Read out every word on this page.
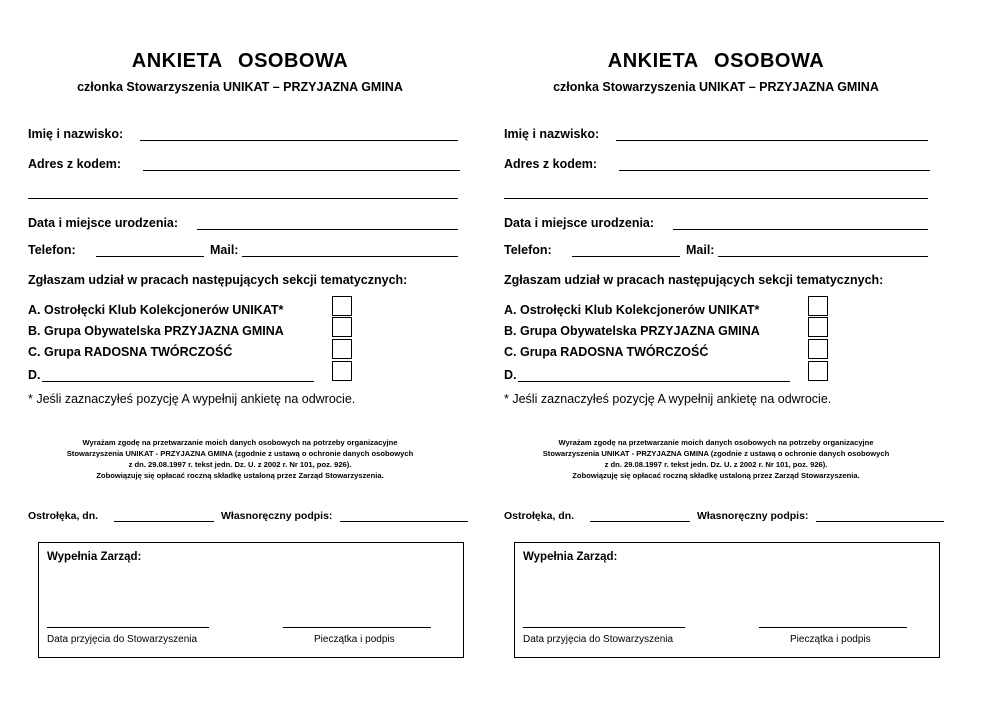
ANKIETA OSOBOWA
członka Stowarzyszenia UNIKAT – PRZYJAZNA GMINA
Imię i nazwisko:
Adres z kodem:
Data i miejsce urodzenia:
Telefon:	Mail:
Zgłaszam udział w pracach następujących sekcji tematycznych:
A. Ostrołęcki Klub Kolekcjonerów UNIKAT*
B. Grupa Obywatelska PRZYJAZNA GMINA
C. Grupa RADOSNA TWÓRCZOŚĆ
D.
* Jeśli zaznaczyłeś pozycję A wypełnij ankietę na odwrocie.
Wyrażam zgodę na przetwarzanie moich danych osobowych na potrzeby organizacyjne
Stowarzyszenia UNIKAT - PRZYJAZNA GMINA (zgodnie z ustawą o ochronie danych osobowych
z dn. 29.08.1997 r. tekst jedn. Dz. U. z 2002 r. Nr 101, poz. 926).
Zobowiązuję się opłacać roczną składkę ustaloną przez Zarząd Stowarzyszenia.
Ostrołęka, dn.	Własnoręczny podpis:
Wypełnia Zarząd:
Data przyjęcia do Stowarzyszenia	Pieczątka i podpis
ANKIETA OSOBOWA
członka Stowarzyszenia UNIKAT – PRZYJAZNA GMINA
Imię i nazwisko:
Adres z kodem:
Data i miejsce urodzenia:
Telefon:	Mail:
Zgłaszam udział w pracach następujących sekcji tematycznych:
A. Ostrołęcki Klub Kolekcjonerów UNIKAT*
B. Grupa Obywatelska PRZYJAZNA GMINA
C. Grupa RADOSNA TWÓRCZOŚĆ
D.
* Jeśli zaznaczyłeś pozycję A wypełnij ankietę na odwrocie.
Wyrażam zgodę na przetwarzanie moich danych osobowych na potrzeby organizacyjne
Stowarzyszenia UNIKAT - PRZYJAZNA GMINA (zgodnie z ustawą o ochronie danych osobowych
z dn. 29.08.1997 r. tekst jedn. Dz. U. z 2002 r. Nr 101, poz. 926).
Zobowiązuję się opłacać roczną składkę ustaloną przez Zarząd Stowarzyszenia.
Ostrołęka, dn.	Własnoręczny podpis:
Wypełnia Zarząd:
Data przyjęcia do Stowarzyszenia	Pieczątka i podpis
